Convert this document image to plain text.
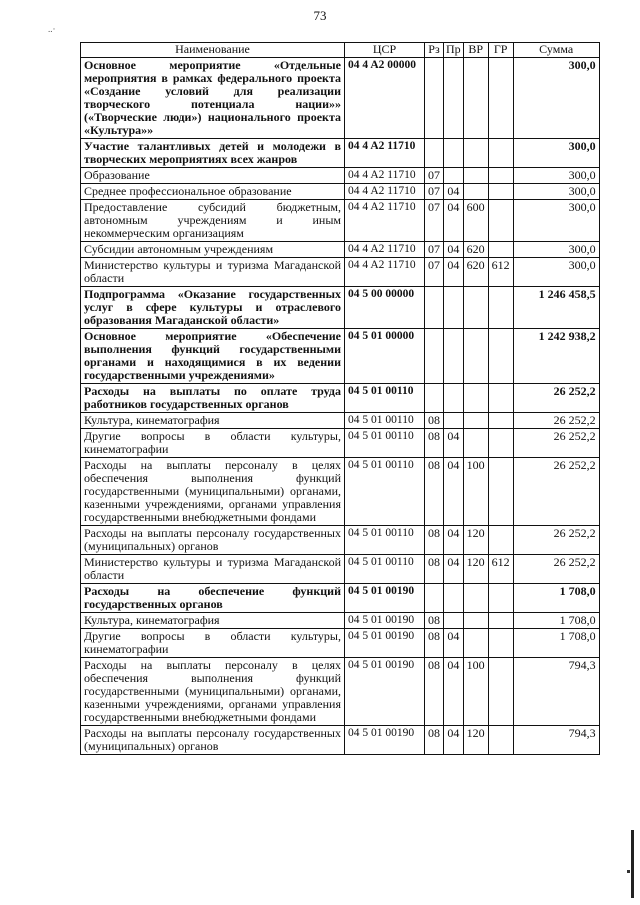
73
..·
Наименование	ЦСР	Рз	Пр	ВР	ГР	Сумма
Основное мероприятие «Отдельные мероприятия в рамках федерального проекта «Создание условий для реализации творческого потенциала нации»» («Творческие люди») национального проекта «Культура»»	04 4 A2 00000					300,0
Участие талантливых детей и молодежи в творческих мероприятиях всех жанров	04 4 A2 11710					300,0
Образование	04 4 A2 11710	07				300,0
Среднее профессиональное образование	04 4 A2 11710	07	04			300,0
Предоставление субсидий бюджетным, автономным учреждениям и иным некоммерческим организациям	04 4 A2 11710	07	04	600		300,0
Субсидии автономным учреждениям	04 4 A2 11710	07	04	620		300,0
Министерство культуры и туризма Магаданской области	04 4 A2 11710	07	04	620	612	300,0
Подпрограмма «Оказание государственных услуг в сфере культуры и отраслевого образования Магаданской области»	04 5 00 00000					1 246 458,5
Основное мероприятие «Обеспечение выполнения функций государственными органами и находящимися в их ведении государственными учреждениями»	04 5 01 00000					1 242 938,2
Расходы на выплаты по оплате труда работников государственных органов	04 5 01 00110					26 252,2
Культура, кинематография	04 5 01 00110	08				26 252,2
Другие вопросы в области культуры, кинематографии	04 5 01 00110	08	04			26 252,2
Расходы на выплаты персоналу в целях обеспечения выполнения функций государственными (муниципальными) органами, казенными учреждениями, органами управления государственными внебюджетными фондами	04 5 01 00110	08	04	100		26 252,2
Расходы на выплаты персоналу государственных (муниципальных) органов	04 5 01 00110	08	04	120		26 252,2
Министерство культуры и туризма Магаданской области	04 5 01 00110	08	04	120	612	26 252,2
Расходы на обеспечение функций государственных органов	04 5 01 00190					1 708,0
Культура, кинематография	04 5 01 00190	08				1 708,0
Другие вопросы в области культуры, кинематографии	04 5 01 00190	08	04			1 708,0
Расходы на выплаты персоналу в целях обеспечения выполнения функций государственными (муниципальными) органами, казенными учреждениями, органами управления государственными внебюджетными фондами	04 5 01 00190	08	04	100		794,3
Расходы на выплаты персоналу государственных (муниципальных) органов	04 5 01 00190	08	04	120		794,3
